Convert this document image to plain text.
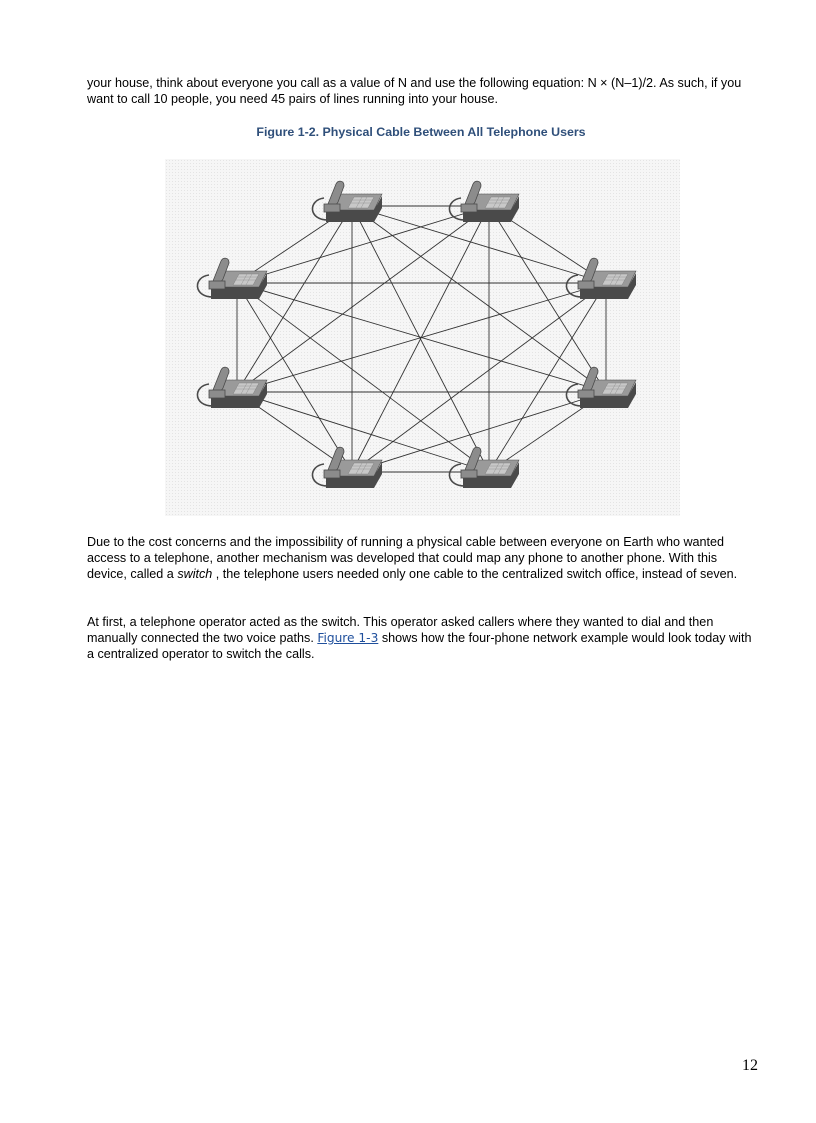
your house, think about everyone you call as a value of N and use the following equation: N × (N–1)/2. As such, if you want to call 10 people, you need 45 pairs of lines running into your house.

Figure 1-2. Physical Cable Between All Telephone Users

Due to the cost concerns and the impossibility of running a physical cable between everyone on Earth who wanted access to a telephone, another mechanism was developed that could map any phone to another phone. With this device, called a switch , the telephone users needed only one cable to the centralized switch office, instead of seven.

At first, a telephone operator acted as the switch. This operator asked callers where they wanted to dial and then manually connected the two voice paths. Figure 1-3 shows how the four-phone network example would look today with a centralized operator to switch the calls.

12
